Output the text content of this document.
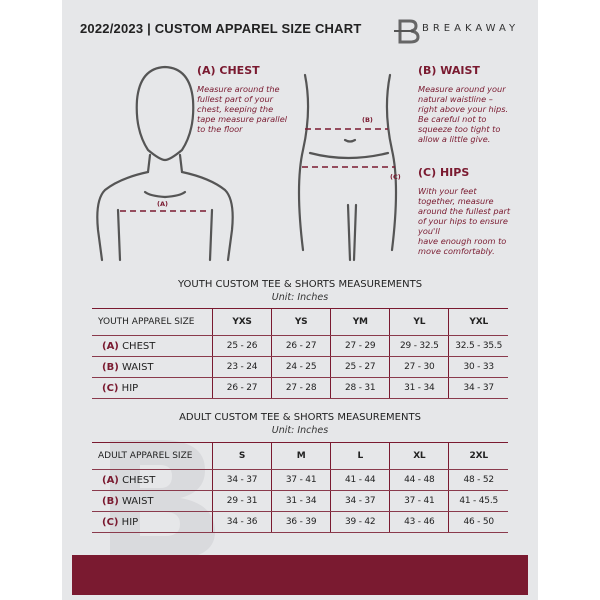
2022/2023 | CUSTOM APPAREL SIZE CHART	BREAKAWAY
(A)
(B)
(C)
(A) CHEST
Measure around the
fullest part of your
chest, keeping the
tape measure parallel
to the floor
(B) WAIST
Measure around your
natural waistline –
right above your hips.
Be careful not to
squeeze too tight to
allow a little give.
(C) HIPS
With your feet
together, measure
around the fullest part
of your hips to ensure
you'll
have enough room to
move comfortably.
YOUTH CUSTOM TEE & SHORTS MEASUREMENTS
Unit: Inches
YOUTH APPAREL SIZE	YXS	YS	YM	YL	YXL
(A) CHEST	25 - 26	26 - 27	27 - 29	29 - 32.5	32.5 - 35.5
(B) WAIST	23 - 24	24 - 25	25 - 27	27 - 30	30 - 33
(C) HIP	26 - 27	27 - 28	28 - 31	31 - 34	34 - 37
ADULT CUSTOM TEE & SHORTS MEASUREMENTS
Unit: Inches
ADULT APPAREL SIZE	S	M	L	XL	2XL
(A) CHEST	34 - 37	37 - 41	41 - 44	44 - 48	48 - 52
(B) WAIST	29 - 31	31 - 34	34 - 37	37 - 41	41 - 45.5
(C) HIP	34 - 36	36 - 39	39 - 42	43 - 46	46 - 50
